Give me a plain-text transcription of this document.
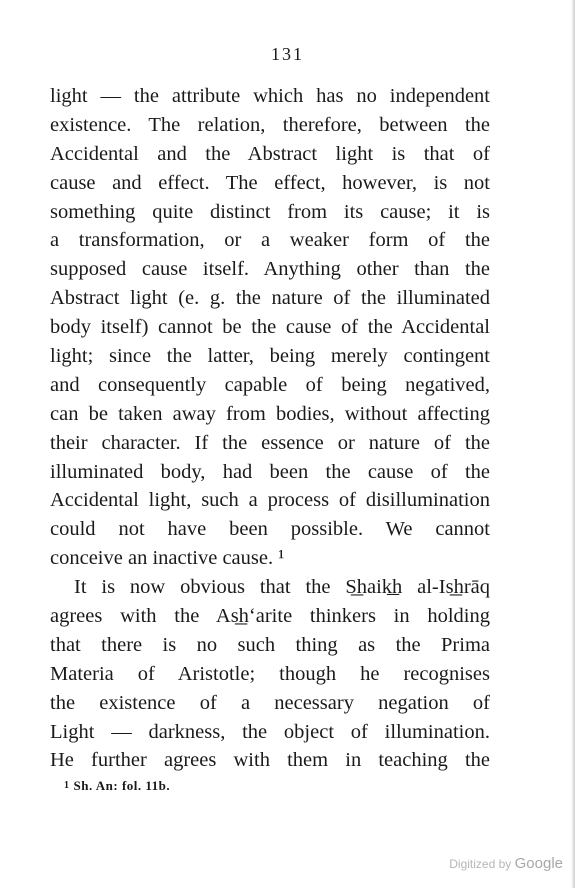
131
light — the attribute which has no independent
existence. The relation, therefore, between the
Accidental and the Abstract light is that of
cause and effect. The effect, however, is not
something quite distinct from its cause; it is
a transformation, or a weaker form of the
supposed cause itself. Anything other than the
Abstract light (e. g. the nature of the illuminated
body itself) cannot be the cause of the Accidental
light; since the latter, being merely contingent
and consequently capable of being negatived,
can be taken away from bodies, without affecting
their character. If the essence or nature of the
illuminated body, had been the cause of the
Accidental light, such a process of disillumination
could not have been possible. We cannot
conceive an inactive cause. ¹
It is now obvious that the S͟haik͟h al-Is͟hrāq
agrees with the As͟h‘arite thinkers in holding
that there is no such thing as the Prima
Materia of Aristotle; though he recognises
the existence of a necessary negation of
Light — darkness, the object of illumination.
He further agrees with them in teaching the
1 Sh. An: fol. 11b.
Digitized by Google
